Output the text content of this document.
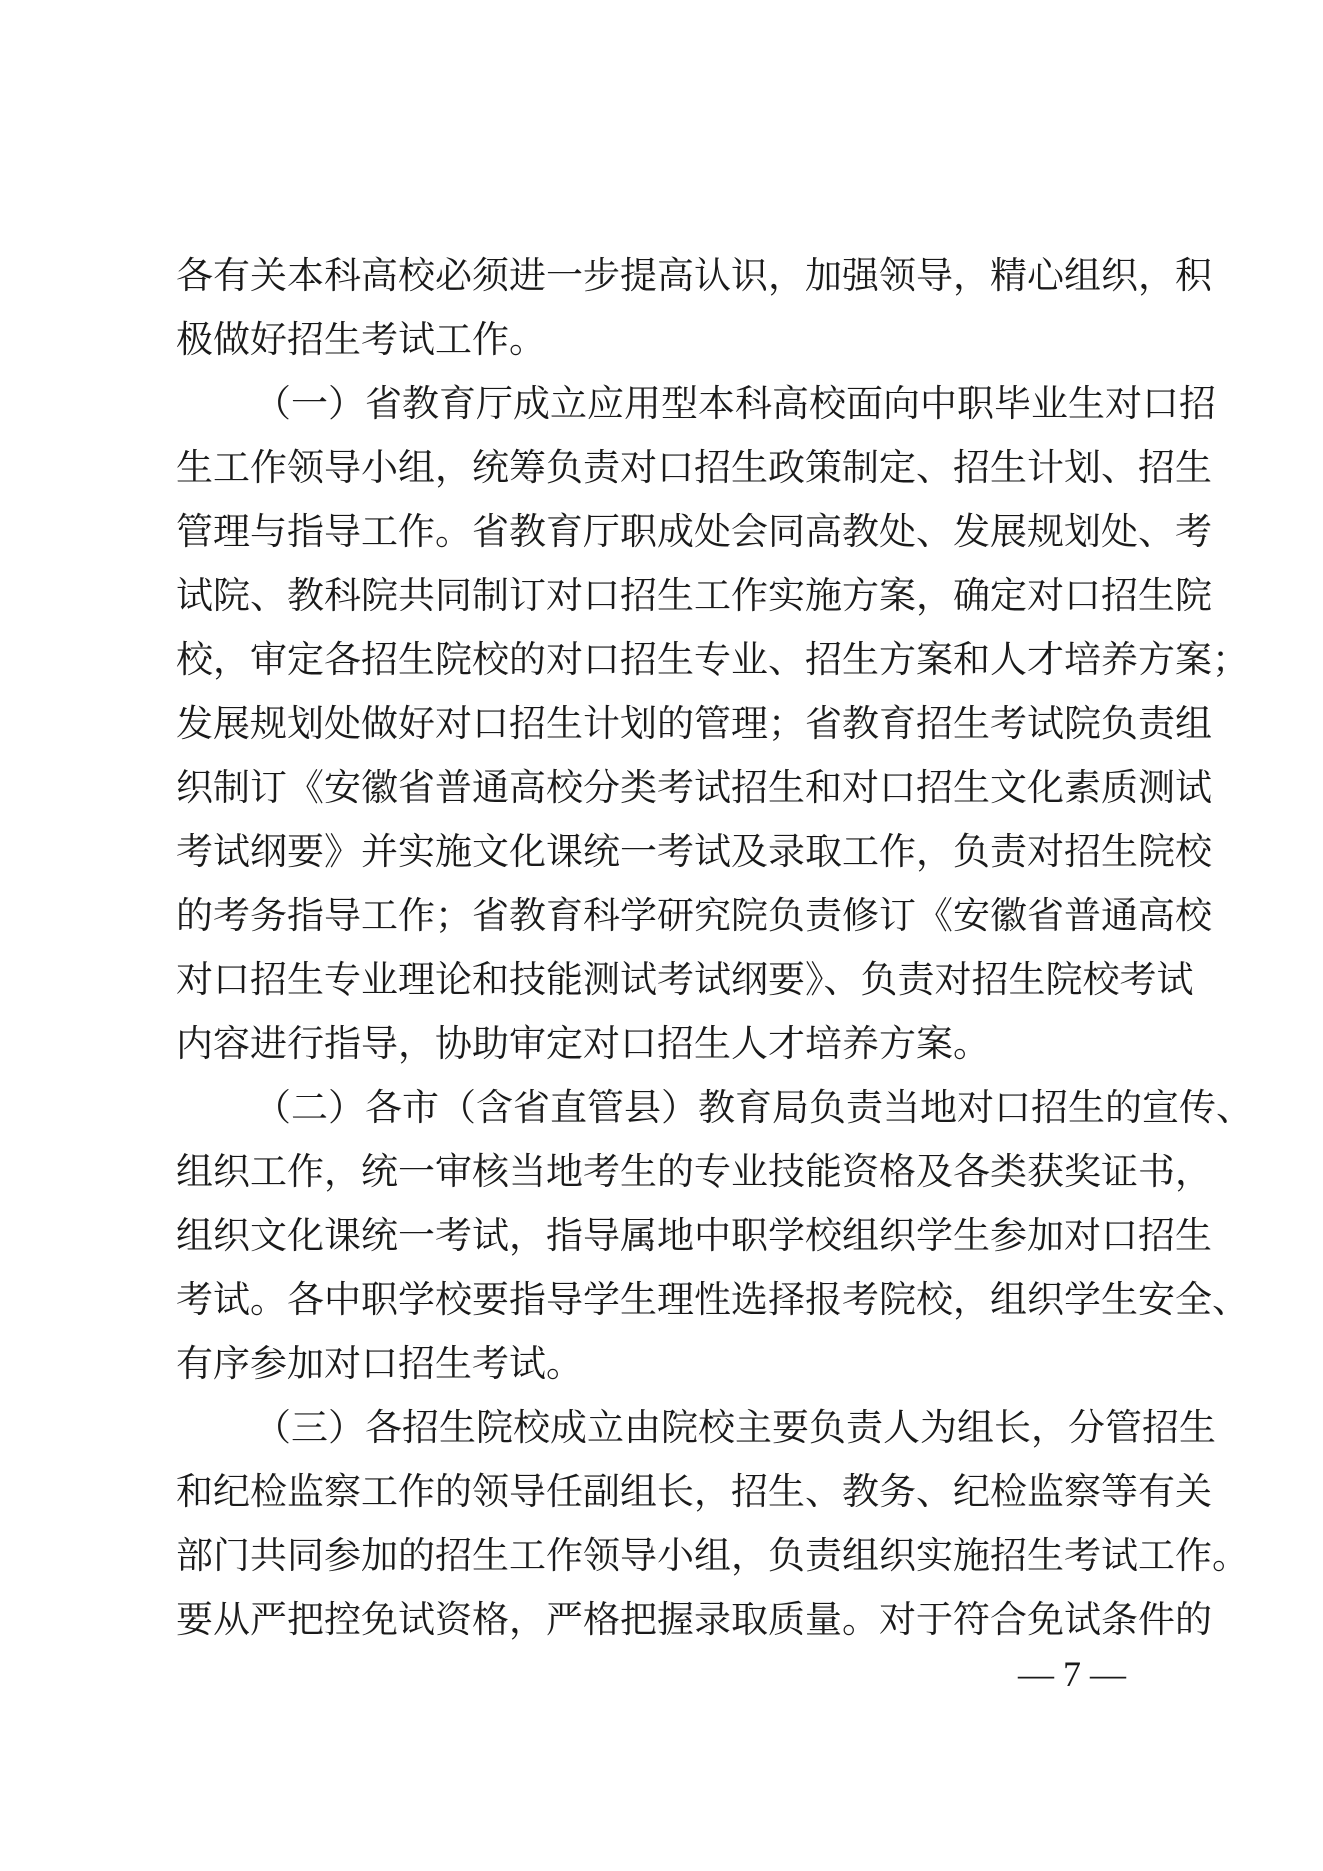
各有关本科高校必须进一步提高认识，加强领导，精心组织，积
极做好招生考试工作。
（一）省教育厅成立应用型本科高校面向中职毕业生对口招
生工作领导小组，统筹负责对口招生政策制定、招生计划、招生
管理与指导工作。省教育厅职成处会同高教处、发展规划处、考
试院、教科院共同制订对口招生工作实施方案，确定对口招生院
校，审定各招生院校的对口招生专业、招生方案和人才培养方案；
发展规划处做好对口招生计划的管理；省教育招生考试院负责组
织制订《安徽省普通高校分类考试招生和对口招生文化素质测试
考试纲要》并实施文化课统一考试及录取工作，负责对招生院校
的考务指导工作；省教育科学研究院负责修订《安徽省普通高校
对口招生专业理论和技能测试考试纲要》、负责对招生院校考试
内容进行指导，协助审定对口招生人才培养方案。
（二）各市（含省直管县）教育局负责当地对口招生的宣传、
组织工作，统一审核当地考生的专业技能资格及各类获奖证书，
组织文化课统一考试，指导属地中职学校组织学生参加对口招生
考试。各中职学校要指导学生理性选择报考院校，组织学生安全、
有序参加对口招生考试。
（三）各招生院校成立由院校主要负责人为组长，分管招生
和纪检监察工作的领导任副组长，招生、教务、纪检监察等有关
部门共同参加的招生工作领导小组，负责组织实施招生考试工作。
要从严把控免试资格，严格把握录取质量。对于符合免试条件的
— 7 —
